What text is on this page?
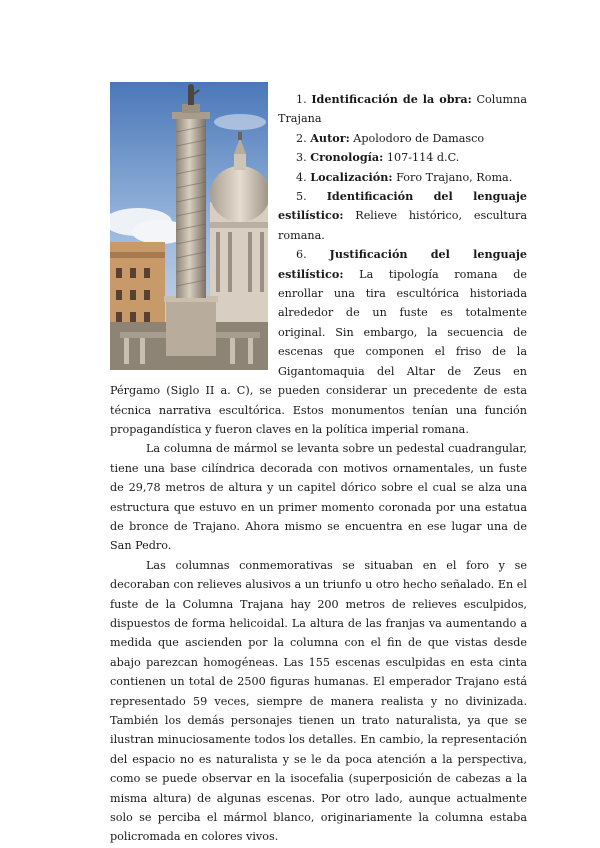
1. Identificación de la obra: Columna Trajana

2. Autor: Apolodoro de Damasco

3. Cronología: 107-114 d.C.

4. Localización: Foro Trajano, Roma.

5. Identificación del lenguaje estilístico: Relieve histórico, escultura romana.

6. Justificación del lenguaje estilístico: La tipología romana de enrollar una tira escultórica historiada alrededor de un fuste es totalmente original. Sin embargo, la secuencia de escenas que componen el friso de la Gigantomaquia del Altar de Zeus en Pérgamo (Siglo II a. C), se pueden considerar un precedente de esta técnica narrativa escultórica. Estos monumentos tenían una función propagandística y fueron claves en la política imperial romana.

La columna de mármol se levanta sobre un pedestal cuadrangular, tiene una base cilíndrica decorada con motivos ornamentales, un fuste de 29,78 metros de altura y un capitel dórico sobre el cual se alza una estructura que estuvo en un primer momento coronada por una estatua de bronce de Trajano. Ahora mismo se encuentra en ese lugar una de San Pedro.

Las columnas conmemorativas se situaban en el foro y se decoraban con relieves alusivos a un triunfo u otro hecho señalado. En el fuste de la Columna Trajana hay 200 metros de relieves esculpidos, dispuestos de forma helicoidal. La altura de las franjas va aumentando a medida que ascienden por la columna con el fin de que vistas desde abajo parezcan homogéneas. Las 155 escenas esculpidas en esta cinta contienen un total de 2500 figuras humanas. El emperador Trajano está representado 59 veces, siempre de manera realista y no divinizada. También los demás personajes tienen un trato naturalista, ya que se ilustran minuciosamente todos los detalles. En cambio, la representación del espacio no es naturalista y se le da poca atención a la perspectiva, como se puede observar en la isocefalia (superposición de cabezas a la misma altura) de algunas escenas. Por otro lado, aunque actualmente solo se perciba el mármol blanco, originariamente la columna estaba policromada en colores vivos.
